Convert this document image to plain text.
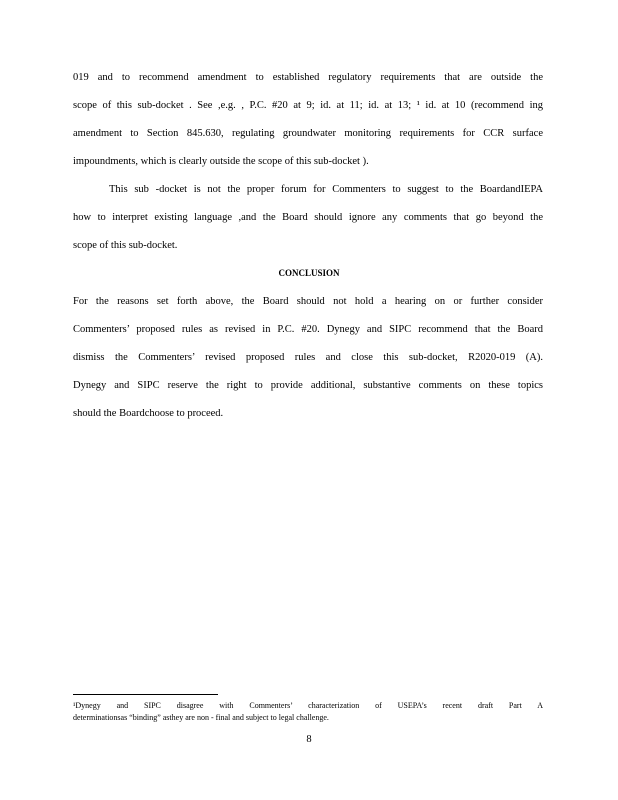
019 and to recommend amendment to established regulatory requirements that are outside the
scope of this sub-docket . See ,e.g. , P.C. #20 at 9; id. at 11; id. at 13; ¹ id. at 10 (recommend ing
amendment to Section 845.630, regulating groundwater monitoring requirements for CCR surface
impoundments, which is clearly outside the scope of this sub-docket ).
This sub -docket is not the proper forum for Commenters to suggest to the BoardandIEPA
how to interpret existing language ,and the Board should ignore any comments that go beyond the
scope of this sub-docket.
CONCLUSION
For the reasons set forth above, the Board should not hold a hearing on or further consider
Commenters’ proposed rules as revised in P.C. #20. Dynegy and SIPC recommend that the Board
dismiss the Commenters’ revised proposed rules and close this sub-docket, R2020-019 (A).
Dynegy and SIPC reserve the right to provide additional, substantive comments on these topics
should the Boardchoose to proceed.
¹Dynegy and SIPC disagree with Commenters’ characterization of USEPA’s recent draft Part A
determinationsas “binding” asthey are non - final and subject to legal challenge.
8
